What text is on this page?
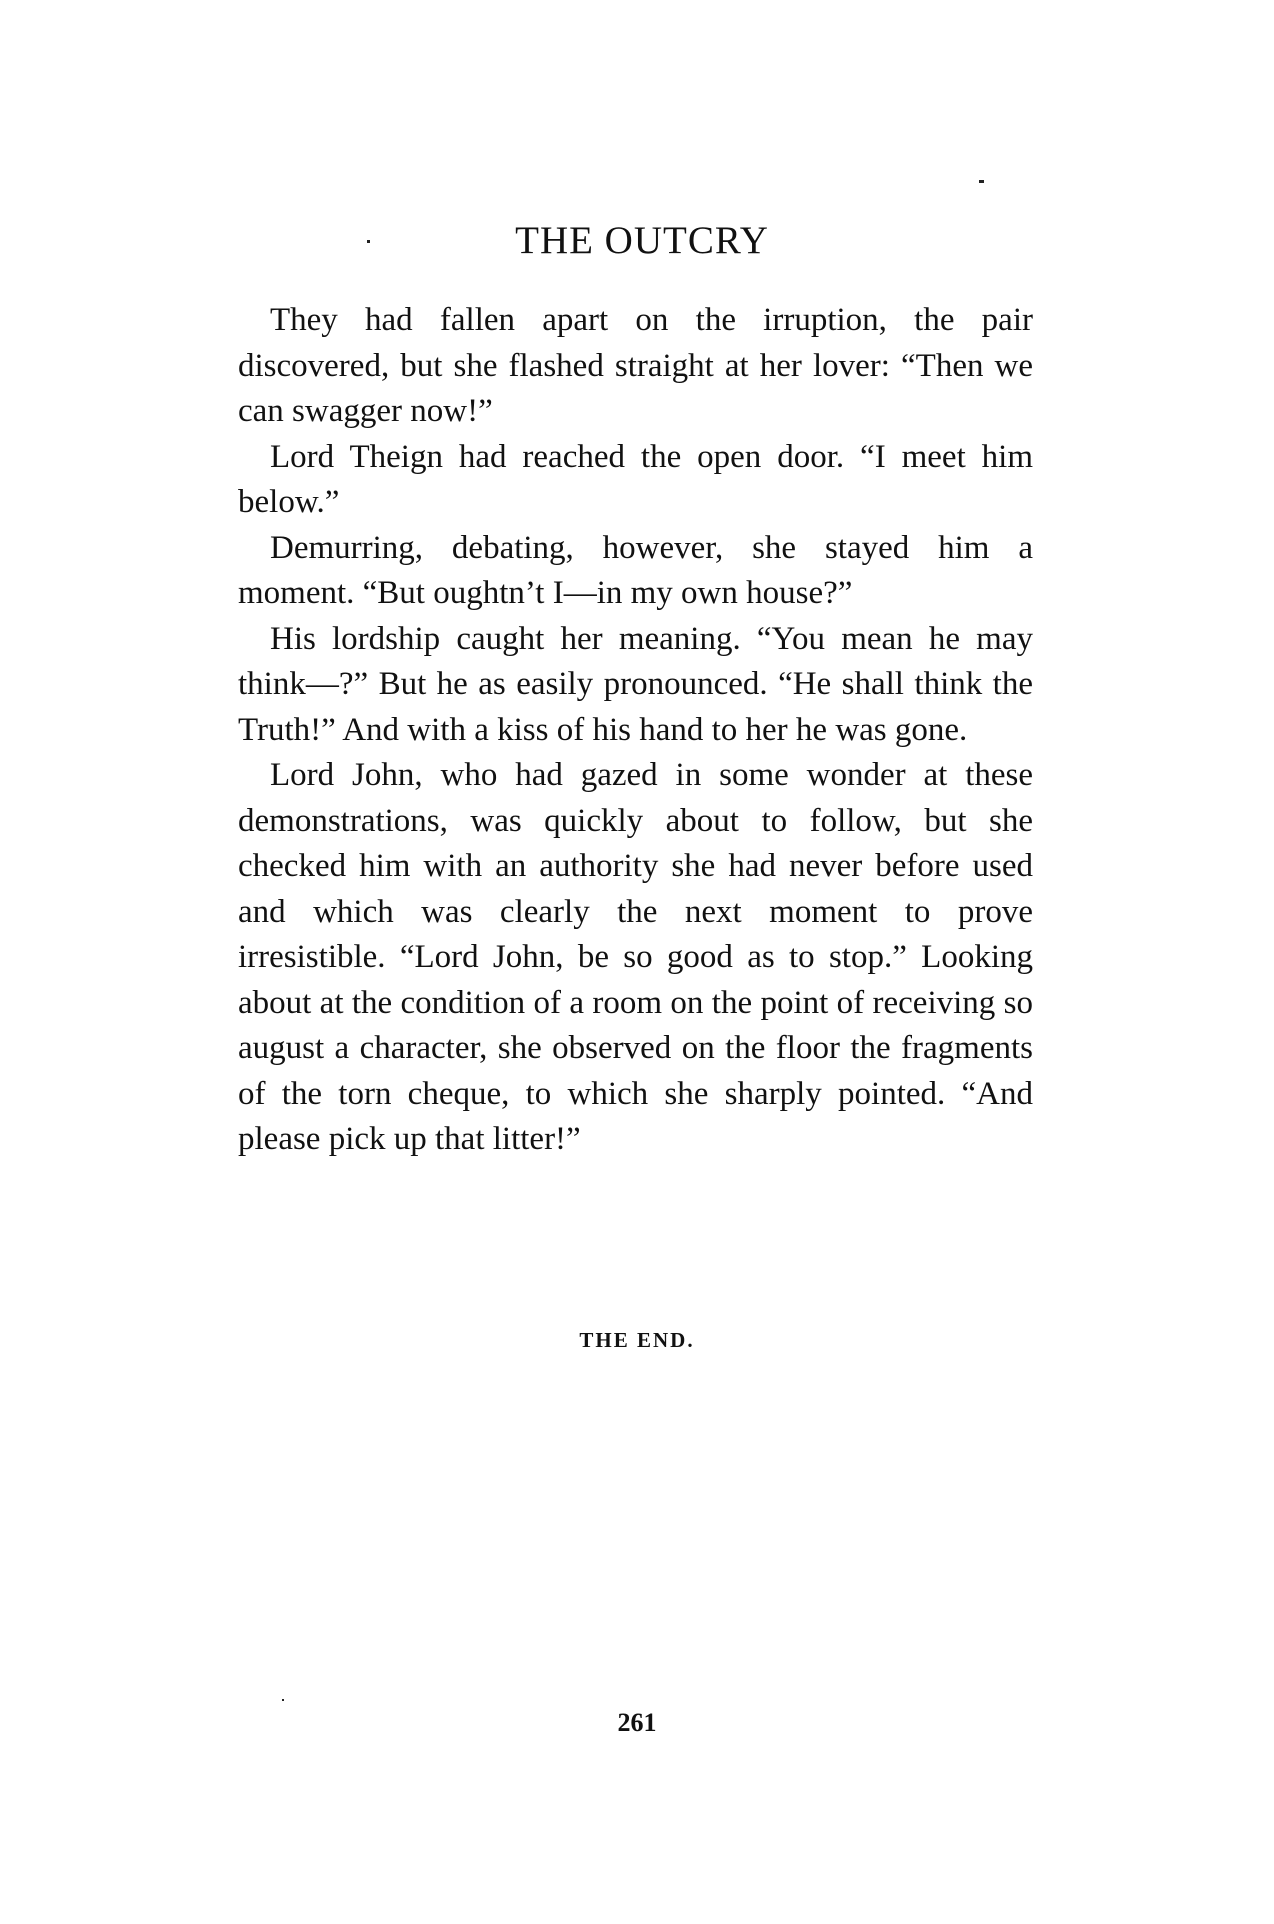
THE OUTCRY

They had fallen apart on the irruption, the pair discovered, but she flashed straight at her lover: “Then we can swagger now!”

Lord Theign had reached the open door. “I meet him below.”

Demurring, debating, however, she stayed him a moment. “But oughtn’t I—in my own house?”

His lordship caught her meaning. “You mean he may think—?” But he as easily pronounced. “He shall think the Truth!” And with a kiss of his hand to her he was gone.

Lord John, who had gazed in some wonder at these demonstrations, was quickly about to follow, but she checked him with an authority she had never before used and which was clearly the next moment to prove irresistible. “Lord John, be so good as to stop.” Looking about at the condition of a room on the point of receiving so august a character, she observed on the floor the fragments of the torn cheque, to which she sharply pointed. “And please pick up that litter!”

THE END.
261
